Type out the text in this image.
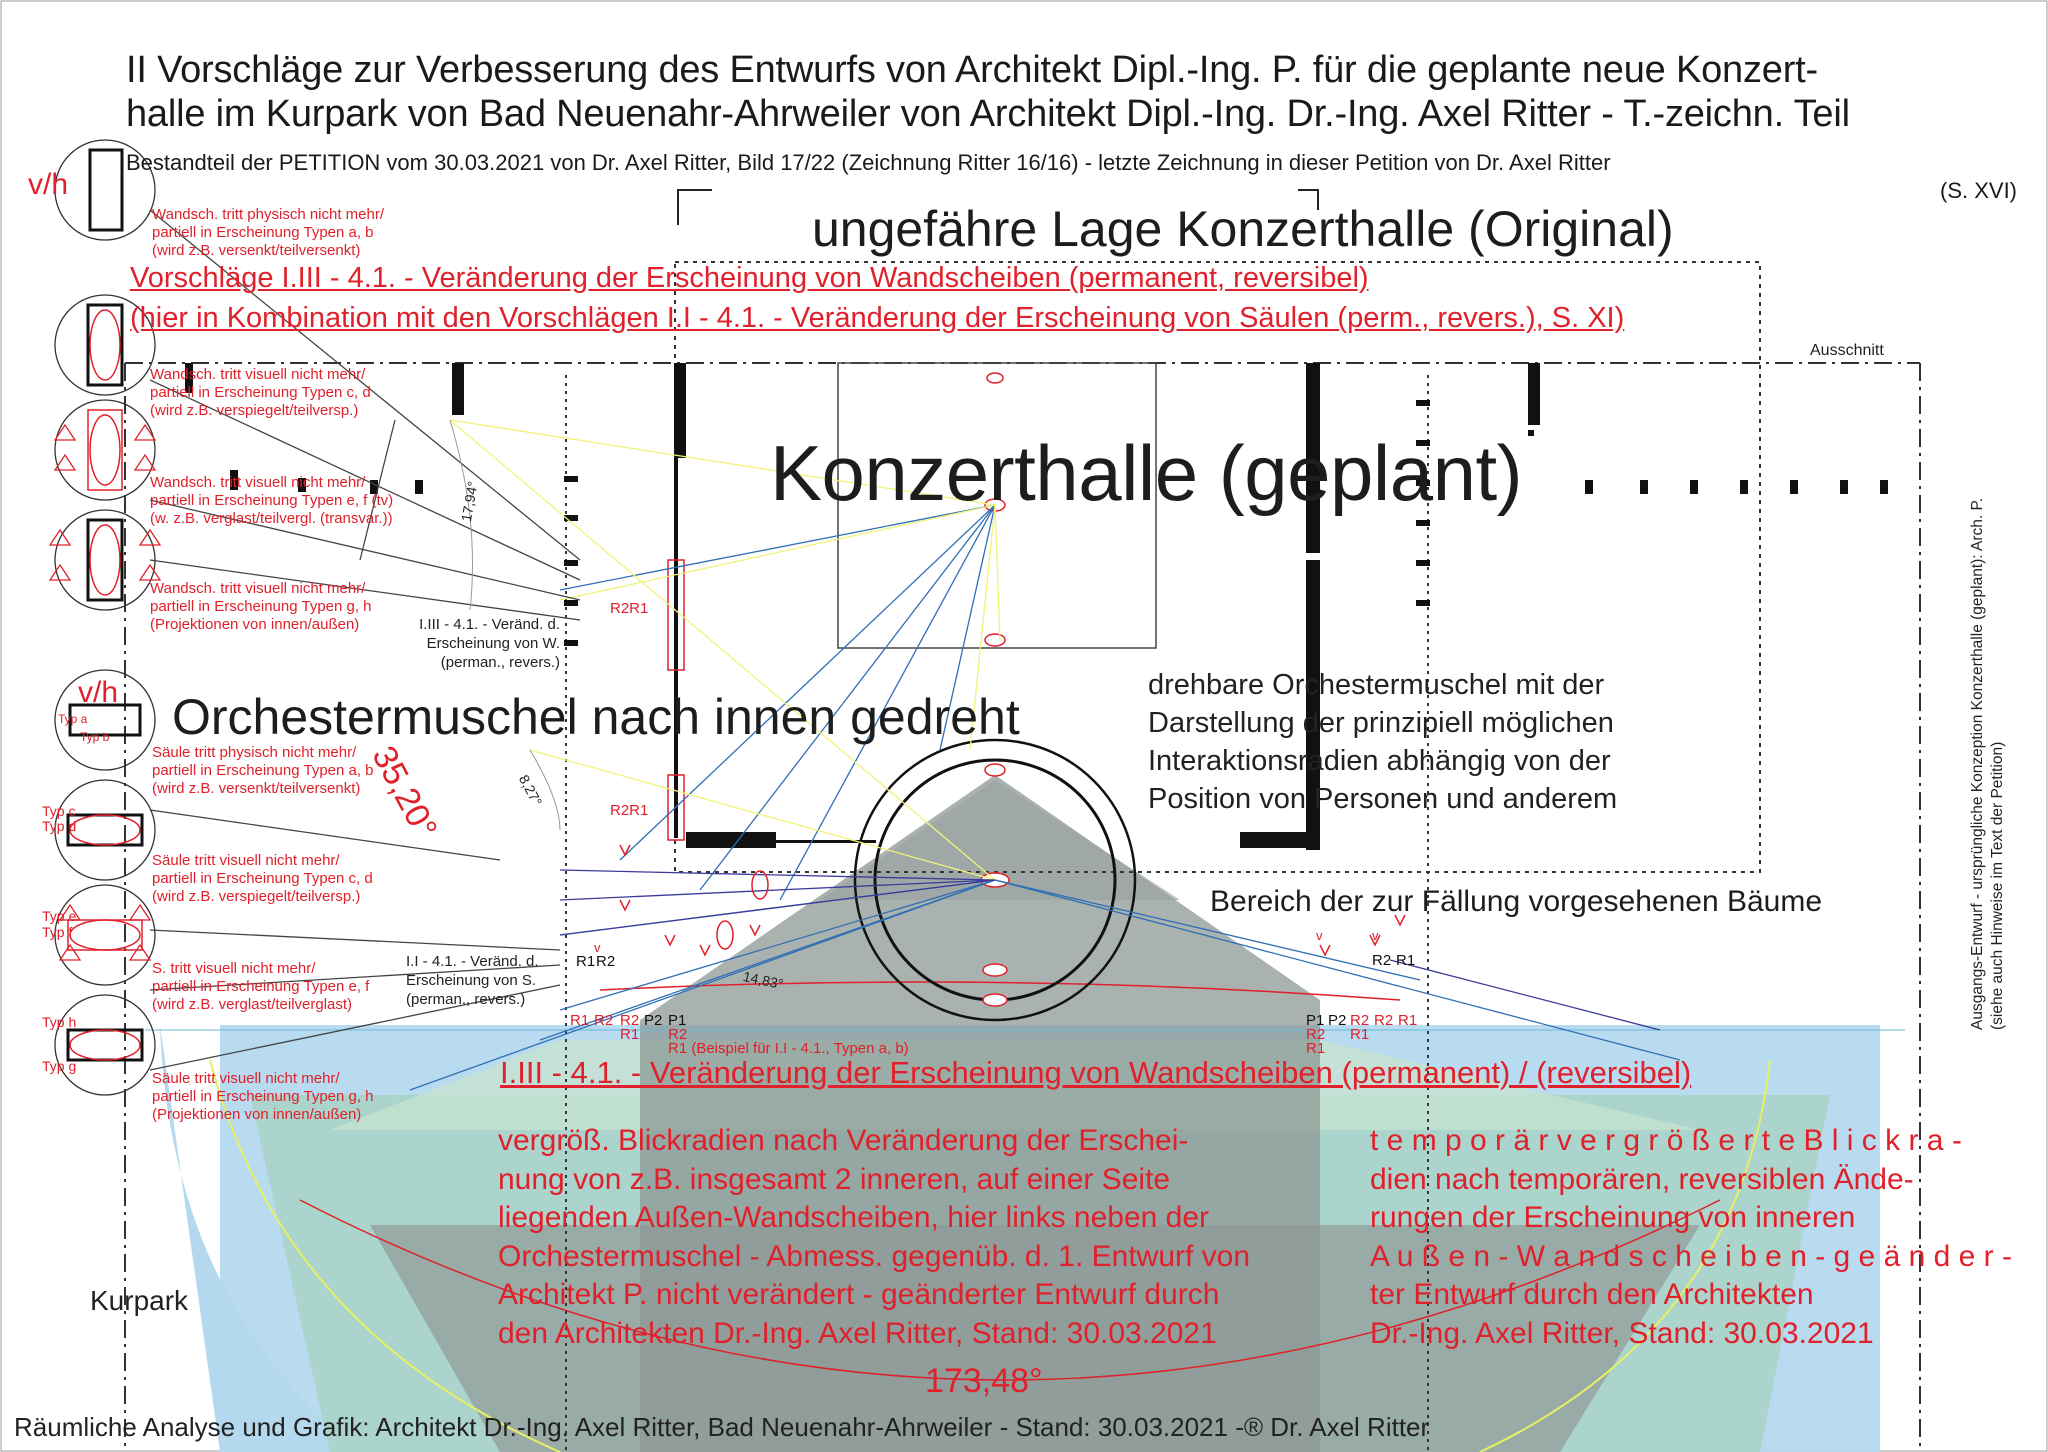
II Vorschläge zur Verbesserung des Entwurfs von Architekt Dipl.-Ing. P. für die geplante neue Konzert-
halle im Kurpark von Bad Neuenahr-Ahrweiler von Architekt Dipl.-Ing. Dr.-Ing. Axel Ritter - T.-zeichn. Teil
Bestandteil der PETITION vom 30.03.2021 von Dr. Axel Ritter, Bild 17/22 (Zeichnung Ritter 16/16) - letzte Zeichnung in dieser Petition von Dr. Axel Ritter
(S. XVI)
ungefähre Lage Konzerthalle (Original)
Vorschläge I.III - 4.1. - Veränderung der Erscheinung von Wandscheiben (permanent, reversibel)
(hier in Kombination mit den Vorschlägen I.I - 4.1. - Veränderung der Erscheinung von Säulen (perm., revers.), S. XI)
Ausschnitt
Konzerthalle (geplant)
Orchestermuschel nach innen gedreht
Bereich der zur Fällung vorgesehenen Bäume
I.III - 4.1. - Veränderung der Erscheinung von Wandscheiben (permanent) / (reversibel)
Kurpark
Räumliche Analyse und Grafik: Architekt Dr.-Ing. Axel Ritter, Bad Neuenahr-Ahrweiler - Stand: 30.03.2021 -® Dr. Axel Ritter
Ausgangs-Entwurf - ursprüngliche Konzeption Konzerthalle (geplant): Arch. P. (siehe auch Hinweise im Text der Petition)
drehbare Orchestermuschel mit der
Darstellung der prinzipiell möglichen
Interaktionsradien abhängig von der
Position von Personen und anderem
Wandsch. tritt physisch nicht mehr/
partiell in Erscheinung Typen a, b
(wird z.B. versenkt/teilversenkt)
Wandsch. tritt visuell nicht mehr/
partiell in Erscheinung Typen c, d
(wird z.B. verspiegelt/teilversp.)
Wandsch. tritt visuell nicht mehr/
partiell in Erscheinung Typen e, f (tv)
(w. z.B. verglast/teilvergl. (transvar.))
Wandsch. tritt visuell nicht mehr/
partiell in Erscheinung Typen g, h
(Projektionen von innen/außen)
Säule tritt physisch nicht mehr/
partiell in Erscheinung Typen a, b
(wird z.B. versenkt/teilversenkt)
Säule tritt visuell nicht mehr/
partiell in Erscheinung Typen c, d
(wird z.B. verspiegelt/teilversp.)
S. tritt visuell nicht mehr/
partiell in Erscheinung Typen e, f
(wird z.B. verglast/teilverglast)
Säule tritt visuell nicht mehr/
partiell in Erscheinung Typen g, h
(Projektionen von innen/außen)
v/h
v/h
Typ a
Typ b
Typ c
Typ d
Typ e
Typ f
Typ h
Typ g
I.III - 4.1. - Veränd. d.
Erscheinung von W.
(perman., revers.)
I.I - 4.1. - Veränd. d.
Erscheinung von S.
(perman., revers.)
R1 (Beispiel für I.I - 4.1., Typen a, b)
17,94°
8,27°
35,20°
14,83°
173,48°
R2R1
R2R1
R1 R2
R1 R2 R2 P2 P1
R1 R2
P1 P2 R2 R2 R1
R2 R1
R1
R2 R1
v
v	v
vergröß. Blickradien nach Veränderung der Erschei-
nung von z.B. insgesamt 2 inneren, auf einer Seite
liegenden Außen-Wandscheiben, hier links neben der
Orchestermuschel - Abmess. gegenüb. d. 1. Entwurf von
Architekt P. nicht verändert - geänderter Entwurf durch
den Architekten Dr.-Ing. Axel Ritter, Stand: 30.03.2021
t e m p o r ä r v e r g r ö ß e r t e B l i c k r a -
dien nach temporären, reversiblen Ände-
rungen der Erscheinung von inneren
A u ß e n - W a n d s c h e i b e n - g e ä n d e r -
ter Entwurf durch den Architekten
Dr.-Ing. Axel Ritter, Stand: 30.03.2021
